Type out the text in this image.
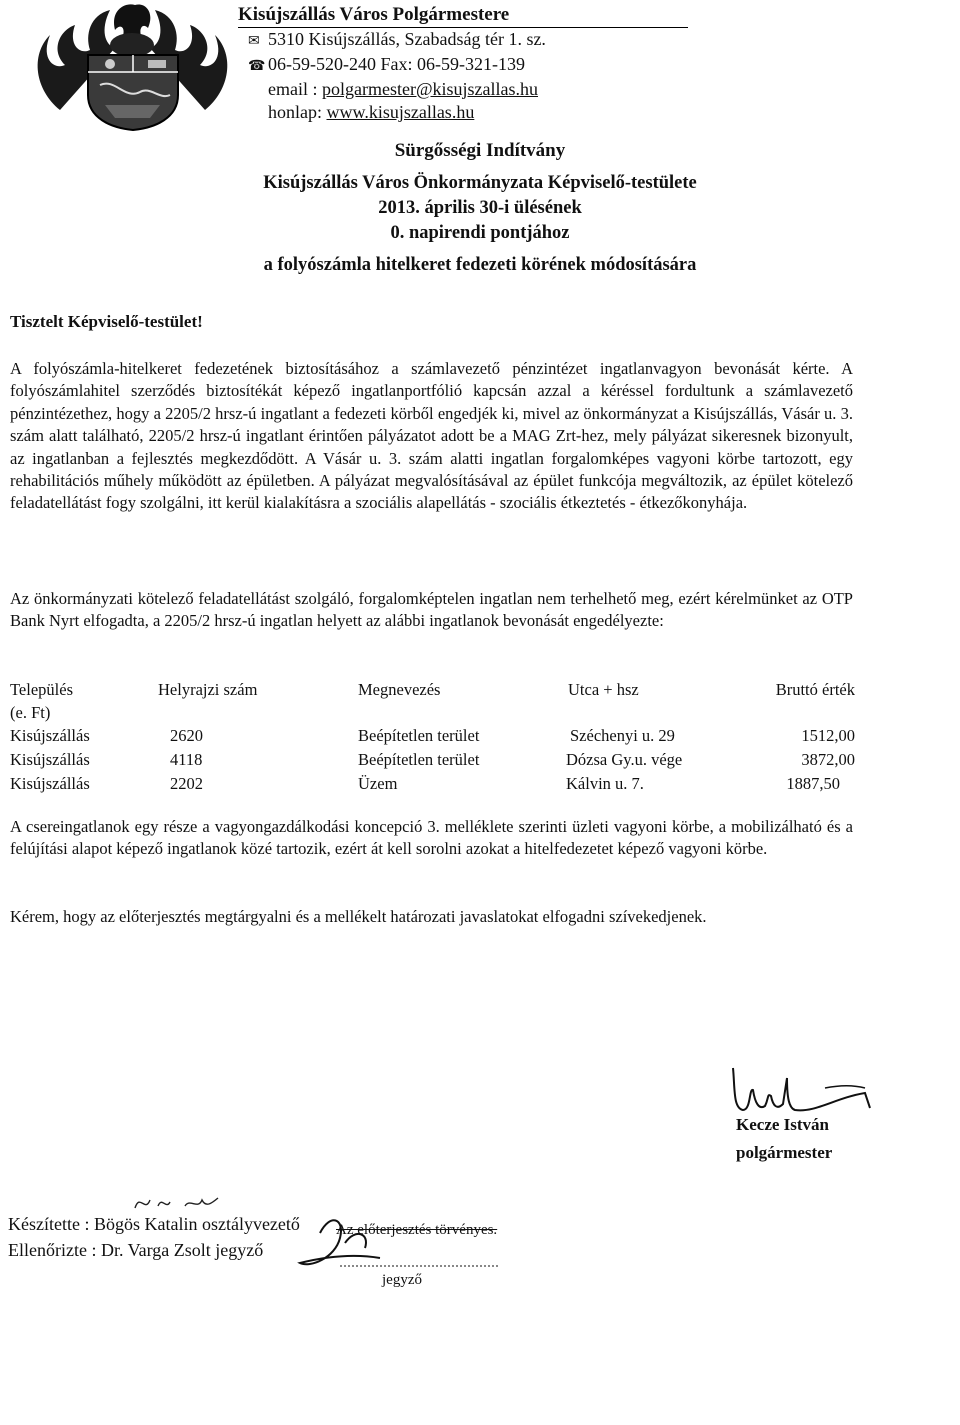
Kisújszállás Város Polgármestere
✉ 5310 Kisújszállás, Szabadság tér 1. sz.
☎ 06-59-520-240 Fax: 06-59-321-139
email : polgarmester@kisujszallas.hu
honlap: www.kisujszallas.hu
Sürgősségi Indítvány
Kisújszállás Város Önkormányzata Képviselő-testülete
2013. április 30-i ülésének
0. napirendi pontjához
a folyószámla hitelkeret fedezeti körének módosítására
Tisztelt Képviselő-testület!

A folyószámla-hitelkeret fedezetének biztosításához a számlavezető pénzintézet ingatlanvagyon bevonását kérte. A folyószámlahitel szerződés biztosítékát képező ingatlanportfólió kapcsán azzal a kéréssel fordultunk a számlavezető pénzintézethez, hogy a 2205/2 hrsz-ú ingatlant a fedezeti körből engedjék ki, mivel az önkormányzat a Kisújszállás, Vásár u. 3. szám alatt található, 2205/2 hrsz-ú ingatlant érintően pályázatot adott be a MAG Zrt-hez, mely pályázat sikeresnek bizonyult, az ingatlanban a fejlesztés megkezdődött. A Vásár u. 3. szám alatti ingatlan forgalomképes vagyoni körbe tartozott, egy rehabilitációs műhely működött az épületben. A pályázat megvalósításával az épület funkcója megváltozik, az épület kötelező feladatellátást fogy szolgálni, itt kerül kialakításra a szociális alapellátás - szociális étkeztetés - étkezőkonyhája.

Az önkormányzati kötelező feladatellátást szolgáló, forgalomképtelen ingatlan nem terhelhető meg, ezért kérelmünket az OTP Bank Nyrt elfogadta, a 2205/2 hrsz-ú ingatlan helyett az alábbi ingatlanok bevonását engedélyezte:

Település	Helyrajzi szám	Megnevezés	Utca + hsz	Bruttó érték
(e. Ft)
Kisújszállás	2620	Beépítetlen terület	Széchenyi u. 29	1512,00
Kisújszállás	4118	Beépítetlen terület	Dózsa Gy.u. vége	3872,00
Kisújszállás	2202	Üzem	Kálvin u. 7.	1887,50

A csereingatlanok egy része a vagyongazdálkodási koncepció 3. melléklete szerinti üzleti vagyoni körbe, a mobilizálható és a felújítási alapot képező ingatlanok közé tartozik, ezért át kell sorolni azokat a hitelfedezetet képező vagyoni körbe.

Kérem, hogy az előterjesztés megtárgyalni és a mellékelt határozati javaslatokat elfogadni szívekedjenek.

Kecze István
polgármester
Készítette : Bögös Katalin osztályvezető
Ellenőrizte : Dr. Varga Zsolt jegyző
Az előterjesztés törvényes.
jegyző
